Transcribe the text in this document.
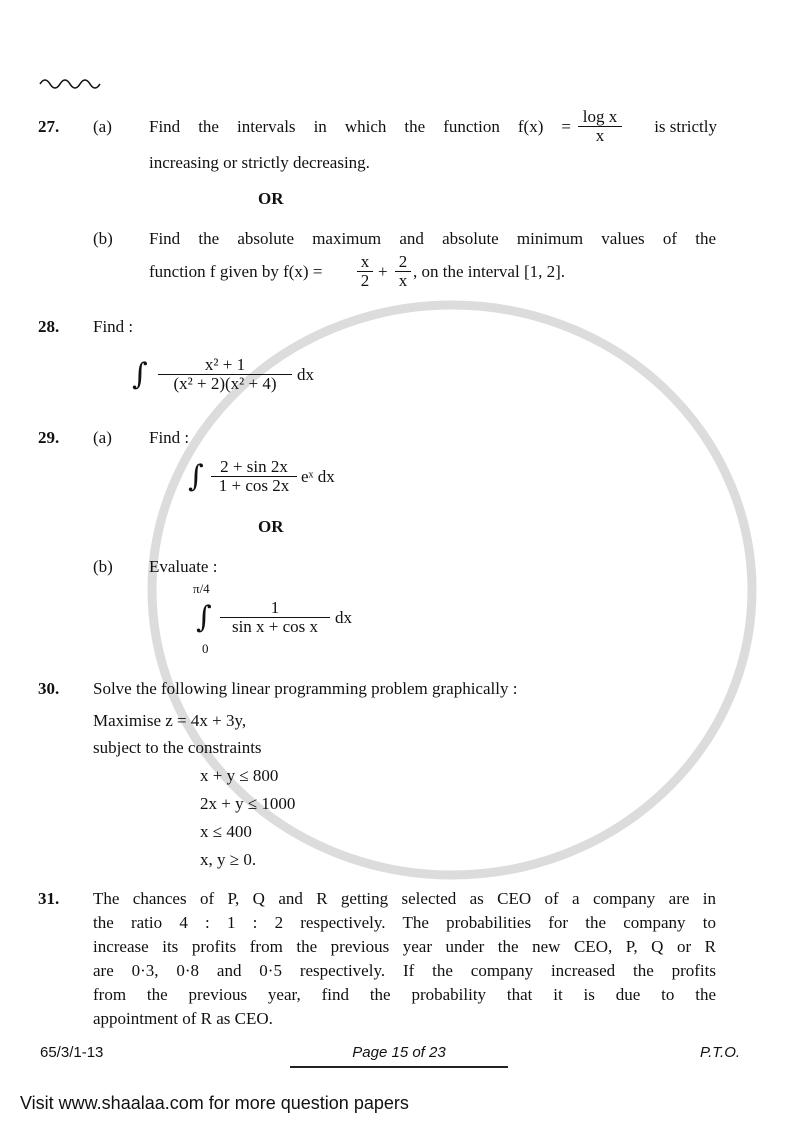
27. (a) Find the intervals in which the function $f(x) = \frac{\text{log x}}{x}$	is strictly
increasing or strictly decreasing.
OR
(b) Find the absolute maximum and absolute minimum values of the
function f given by $f(x) = \frac{x}{2} + \frac{2}{x}$ , on the interval [1, 2].
28. Find :
∫ $\frac{\text{x² + 1}}{\text{(x² + 2)(x² + 4)}}$ dx
29. (a) Find :
∫ $\frac{2 + \sin 2x}{1 + \cos 2x}$ eˣ dx
OR
(b) Evaluate :
π/4
∫
0
$\frac{1}{\text{sin x + cos x}}$ dx
30. Solve the following linear programming problem graphically :
Maximise z = 4x + 3y,
subject to the constraints
x + y ≤ 800
2x + y ≤ 1000
x ≤ 400
x, y ≥ 0.
31. The chances of P, Q and R getting selected as CEO of a company are in
the ratio 4 : 1 : 2 respectively. The probabilities for the company to
increase its profits from the previous year under the new CEO, P, Q or R
are 0·3, 0·8 and 0·5 respectively. If the company increased the profits
from the previous year, find the probability that it is due to the
appointment of R as CEO.
65/3/1-13	Page 15 of 23	P.T.O.
Visit www.shaalaa.com for more question papers
